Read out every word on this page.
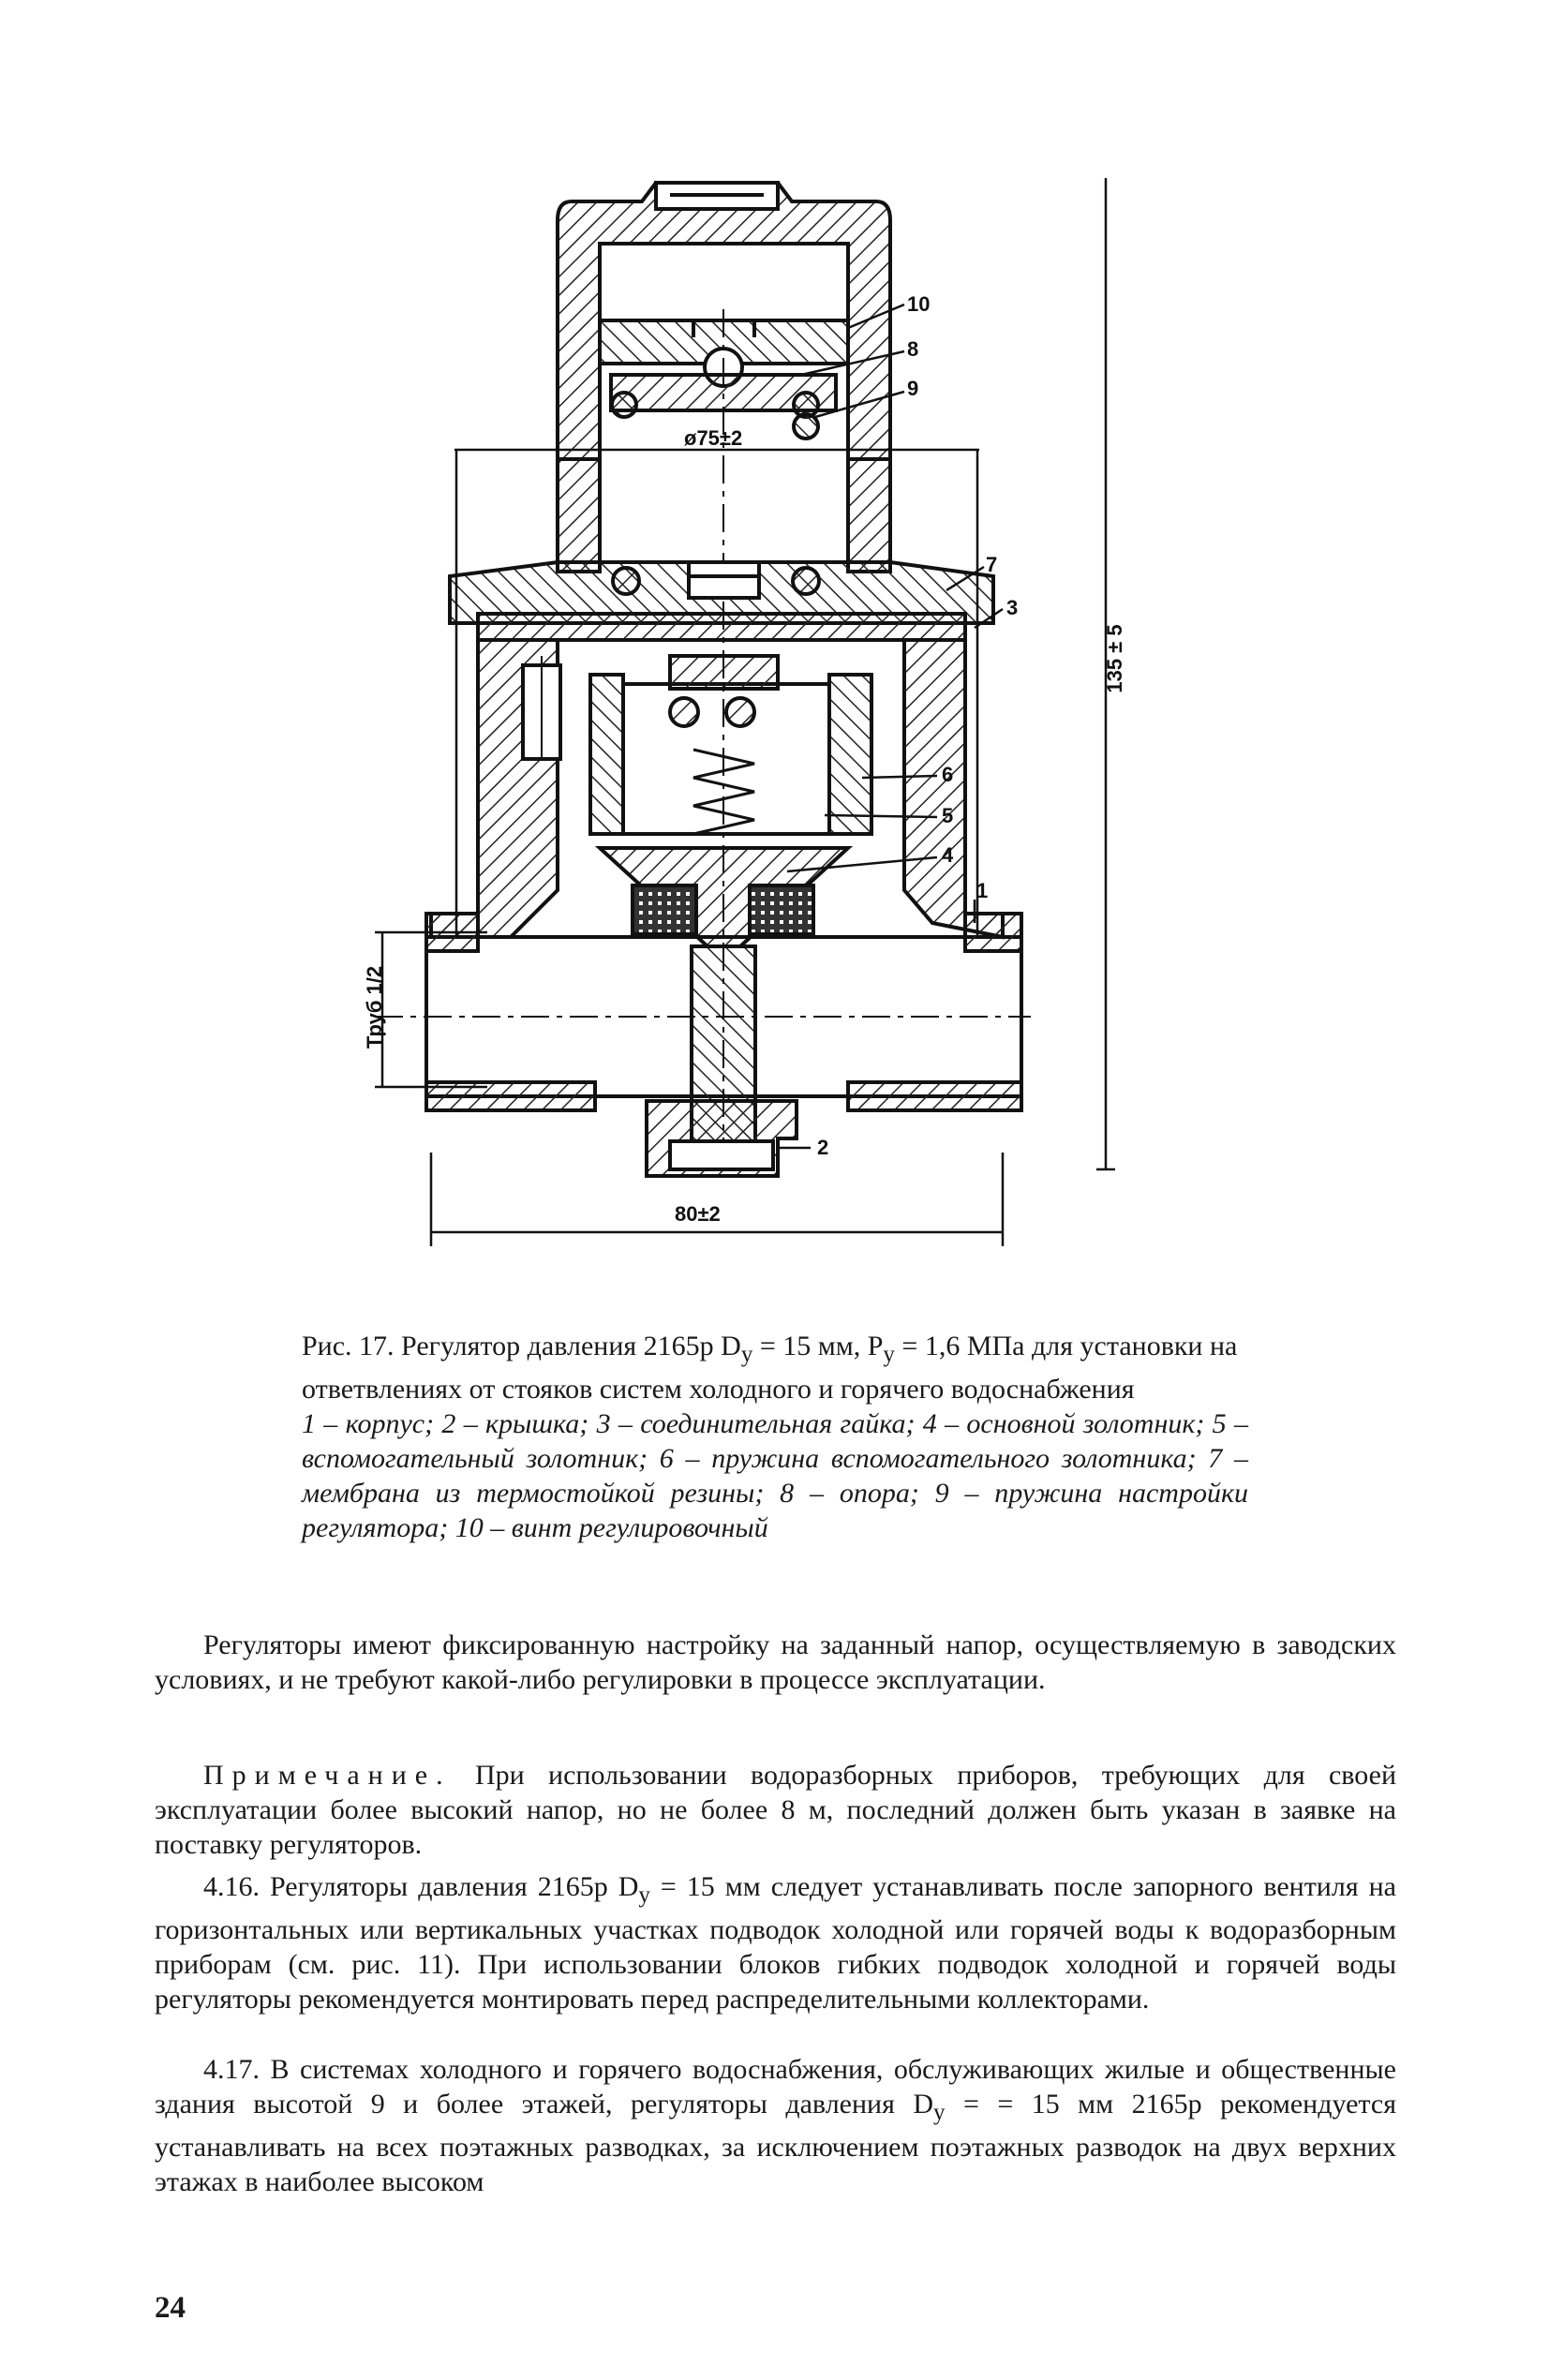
10
8
9
7
3
6
5
4
1
2
ø75±2
135 ± 5
Труб 1/2
80±2
Рис. 17. Регулятор давления 2165р $D_у = 15$ мм, $P_у = 1,6$ МПа для установки на ответвлениях от стояков систем холодного и горячего водоснабжения
1 – корпус; 2 – крышка; 3 – соединительная гайка; 4 – основной золотник; 5 – вспомогательный золотник; 6 – пружина вспомогательного золотника; 7 – мембрана из термостойкой резины; 8 – опора; 9 – пружина настройки регулятора; 10 – винт регулировочный

Регуляторы имеют фиксированную настройку на заданный напор, осуществляемую в заводских условиях, и не требуют какой-либо регулировки в процессе эксплуатации.

Примечание. При использовании водоразборных приборов, требующих для своей эксплуатации более высокий напор, но не более 8 м, последний должен быть указан в заявке на поставку регуляторов.

4.16. Регуляторы давления 2165р $D_у = 15$ мм следует устанавливать после запорного вентиля на горизонтальных или вертикальных участках подводок холодной или горячей воды к водоразборным приборам (см. рис. 11). При использовании блоков гибких подводок холодной и горячей воды регуляторы рекомендуется монтировать перед распределительными коллекторами.

4.17. В системах холодного и горячего водоснабжения, обслуживающих жилые и общественные здания высотой 9 и более этажей, регуляторы давления $D_у$ = = 15 мм 2165р рекомендуется устанавливать на всех поэтажных разводках, за исключением поэтажных разводок на двух верхних этажах в наиболее высоком

24
